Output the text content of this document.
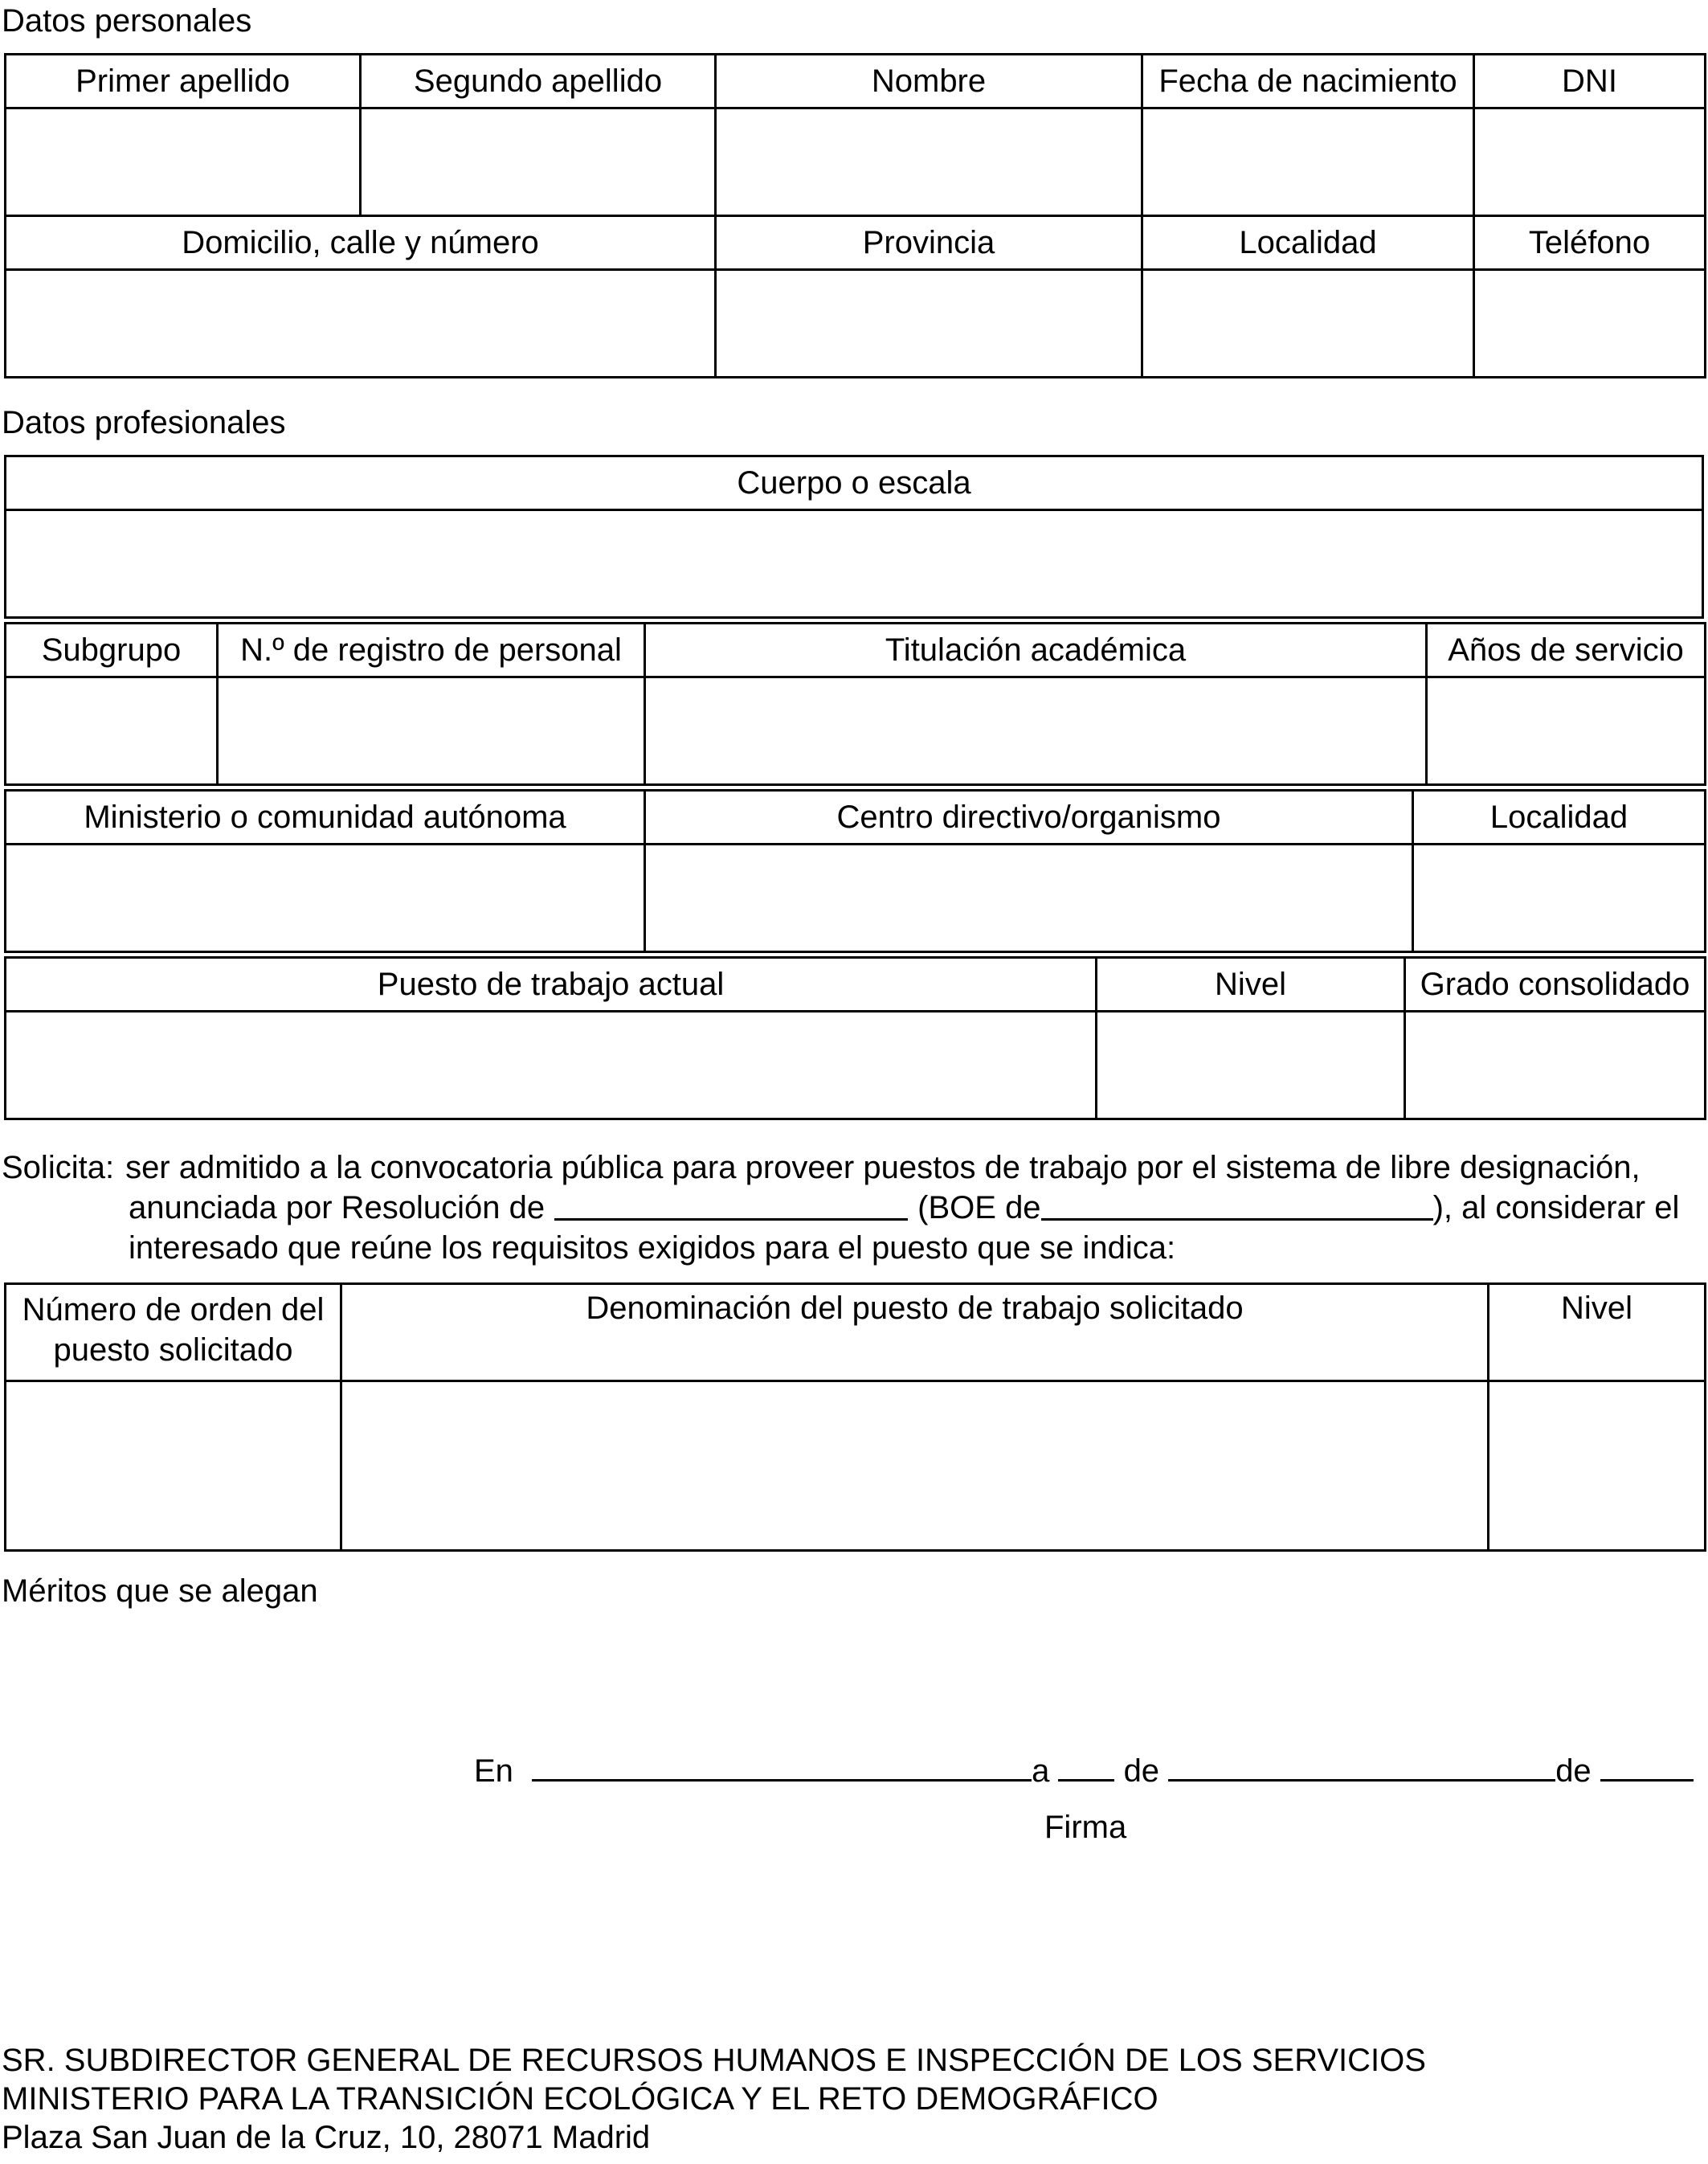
Datos personales
Primer apellido	Segundo apellido	Nombre	Fecha de nacimiento	DNI

Domicilio, calle y número		Provincia	Localidad	Teléfono

Datos profesionales
Cuerpo o escala

Subgrupo	N.º de registro de personal	Titulación académica	Años de servicio

Ministerio o comunidad autónoma	Centro directivo/organismo	Localidad

Puesto de trabajo actual	Nivel	Grado consolidado

Solicita: ser admitido a la convocatoria pública para proveer puestos de trabajo por el sistema de libre designación,
anunciada por Resolución de	(BOE de	), al considerar el
interesado que reúne los requisitos exigidos para el puesto que se indica:
Número de orden del puesto solicitado	Denominación del puesto de trabajo solicitado	Nivel

Méritos que se alegan
En	a de	de
Firma
SR. SUBDIRECTOR GENERAL DE RECURSOS HUMANOS E INSPECCIÓN DE LOS SERVICIOS
MINISTERIO PARA LA TRANSICIÓN ECOLÓGICA Y EL RETO DEMOGRÁFICO
Plaza San Juan de la Cruz, 10, 28071 Madrid
